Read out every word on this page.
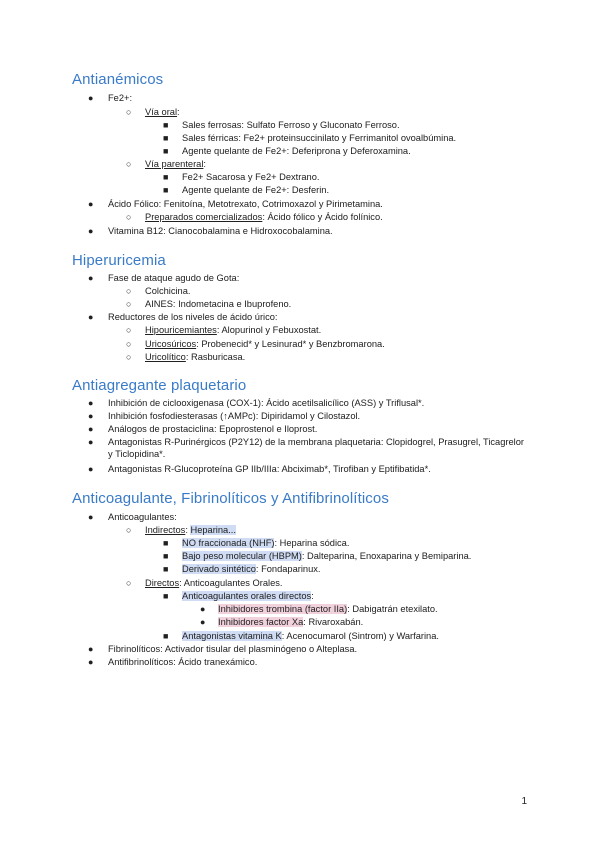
Antianémicos
● Fe2+:
○ Vía oral:
■ Sales ferrosas: Sulfato Ferroso y Gluconato Ferroso.
■ Sales férricas: Fe2+ proteinsuccinilato y Ferrimanitol ovoalbúmina.
■ Agente quelante de Fe2+: Deferiprona y Deferoxamina.
○ Vía parenteral:
■ Fe2+ Sacarosa y Fe2+ Dextrano.
■ Agente quelante de Fe2+: Desferin.
● Ácido Fólico: Fenitoína, Metotrexato, Cotrimoxazol y Pirimetamina.
○ Preparados comercializados: Ácido fólico y Ácido folínico.
● Vitamina B12: Cianocobalamina e Hidroxocobalamina.
Hiperuricemia
● Fase de ataque agudo de Gota:
○ Colchicina.
○ AINES: Indometacina e Ibuprofeno.
● Reductores de los niveles de ácido úrico:
○ Hipouricemiantes: Alopurinol y Febuxostat.
○ Uricosúricos: Probenecid* y Lesinurad* y Benzbromarona.
○ Uricolítico: Rasburicasa.
Antiagregante plaquetario
● Inhibición de ciclooxigenasa (COX-1): Ácido acetilsalicílico (ASS) y Triflusal*.
● Inhibición fosfodiesterasas (↑AMPc): Dipiridamol y Cilostazol.
● Análogos de prostaciclina: Epoprostenol e Iloprost.
● Antagonistas R-Purinérgicos (P2Y12) de la membrana plaquetaria: Clopidogrel, Prasugrel, Ticagrelor y Ticlopidina*.
● Antagonistas R-Glucoproteína GP IIb/IIIa: Abciximab*, Tirofiban y Eptifibatida*.
Anticoagulante, Fibrinolíticos y Antifibrinolíticos
● Anticoagulantes:
○ Indirectos: Heparina...
■ NO fraccionada (NHF): Heparina sódica.
■ Bajo peso molecular (HBPM): Dalteparina, Enoxaparina y Bemiparina.
■ Derivado sintético: Fondaparinux.
○ Directos: Anticoagulantes Orales.
■ Anticoagulantes orales directos:
● Inhibidores trombina (factor IIa): Dabigatrán etexilato.
● Inhibidores factor Xa: Rivaroxabán.
■ Antagonistas vitamina K: Acenocumarol (Sintrom) y Warfarina.
● Fibrinolíticos: Activador tisular del plasminógeno o Alteplasa.
● Antifibrinolíticos: Ácido tranexámico.
1
